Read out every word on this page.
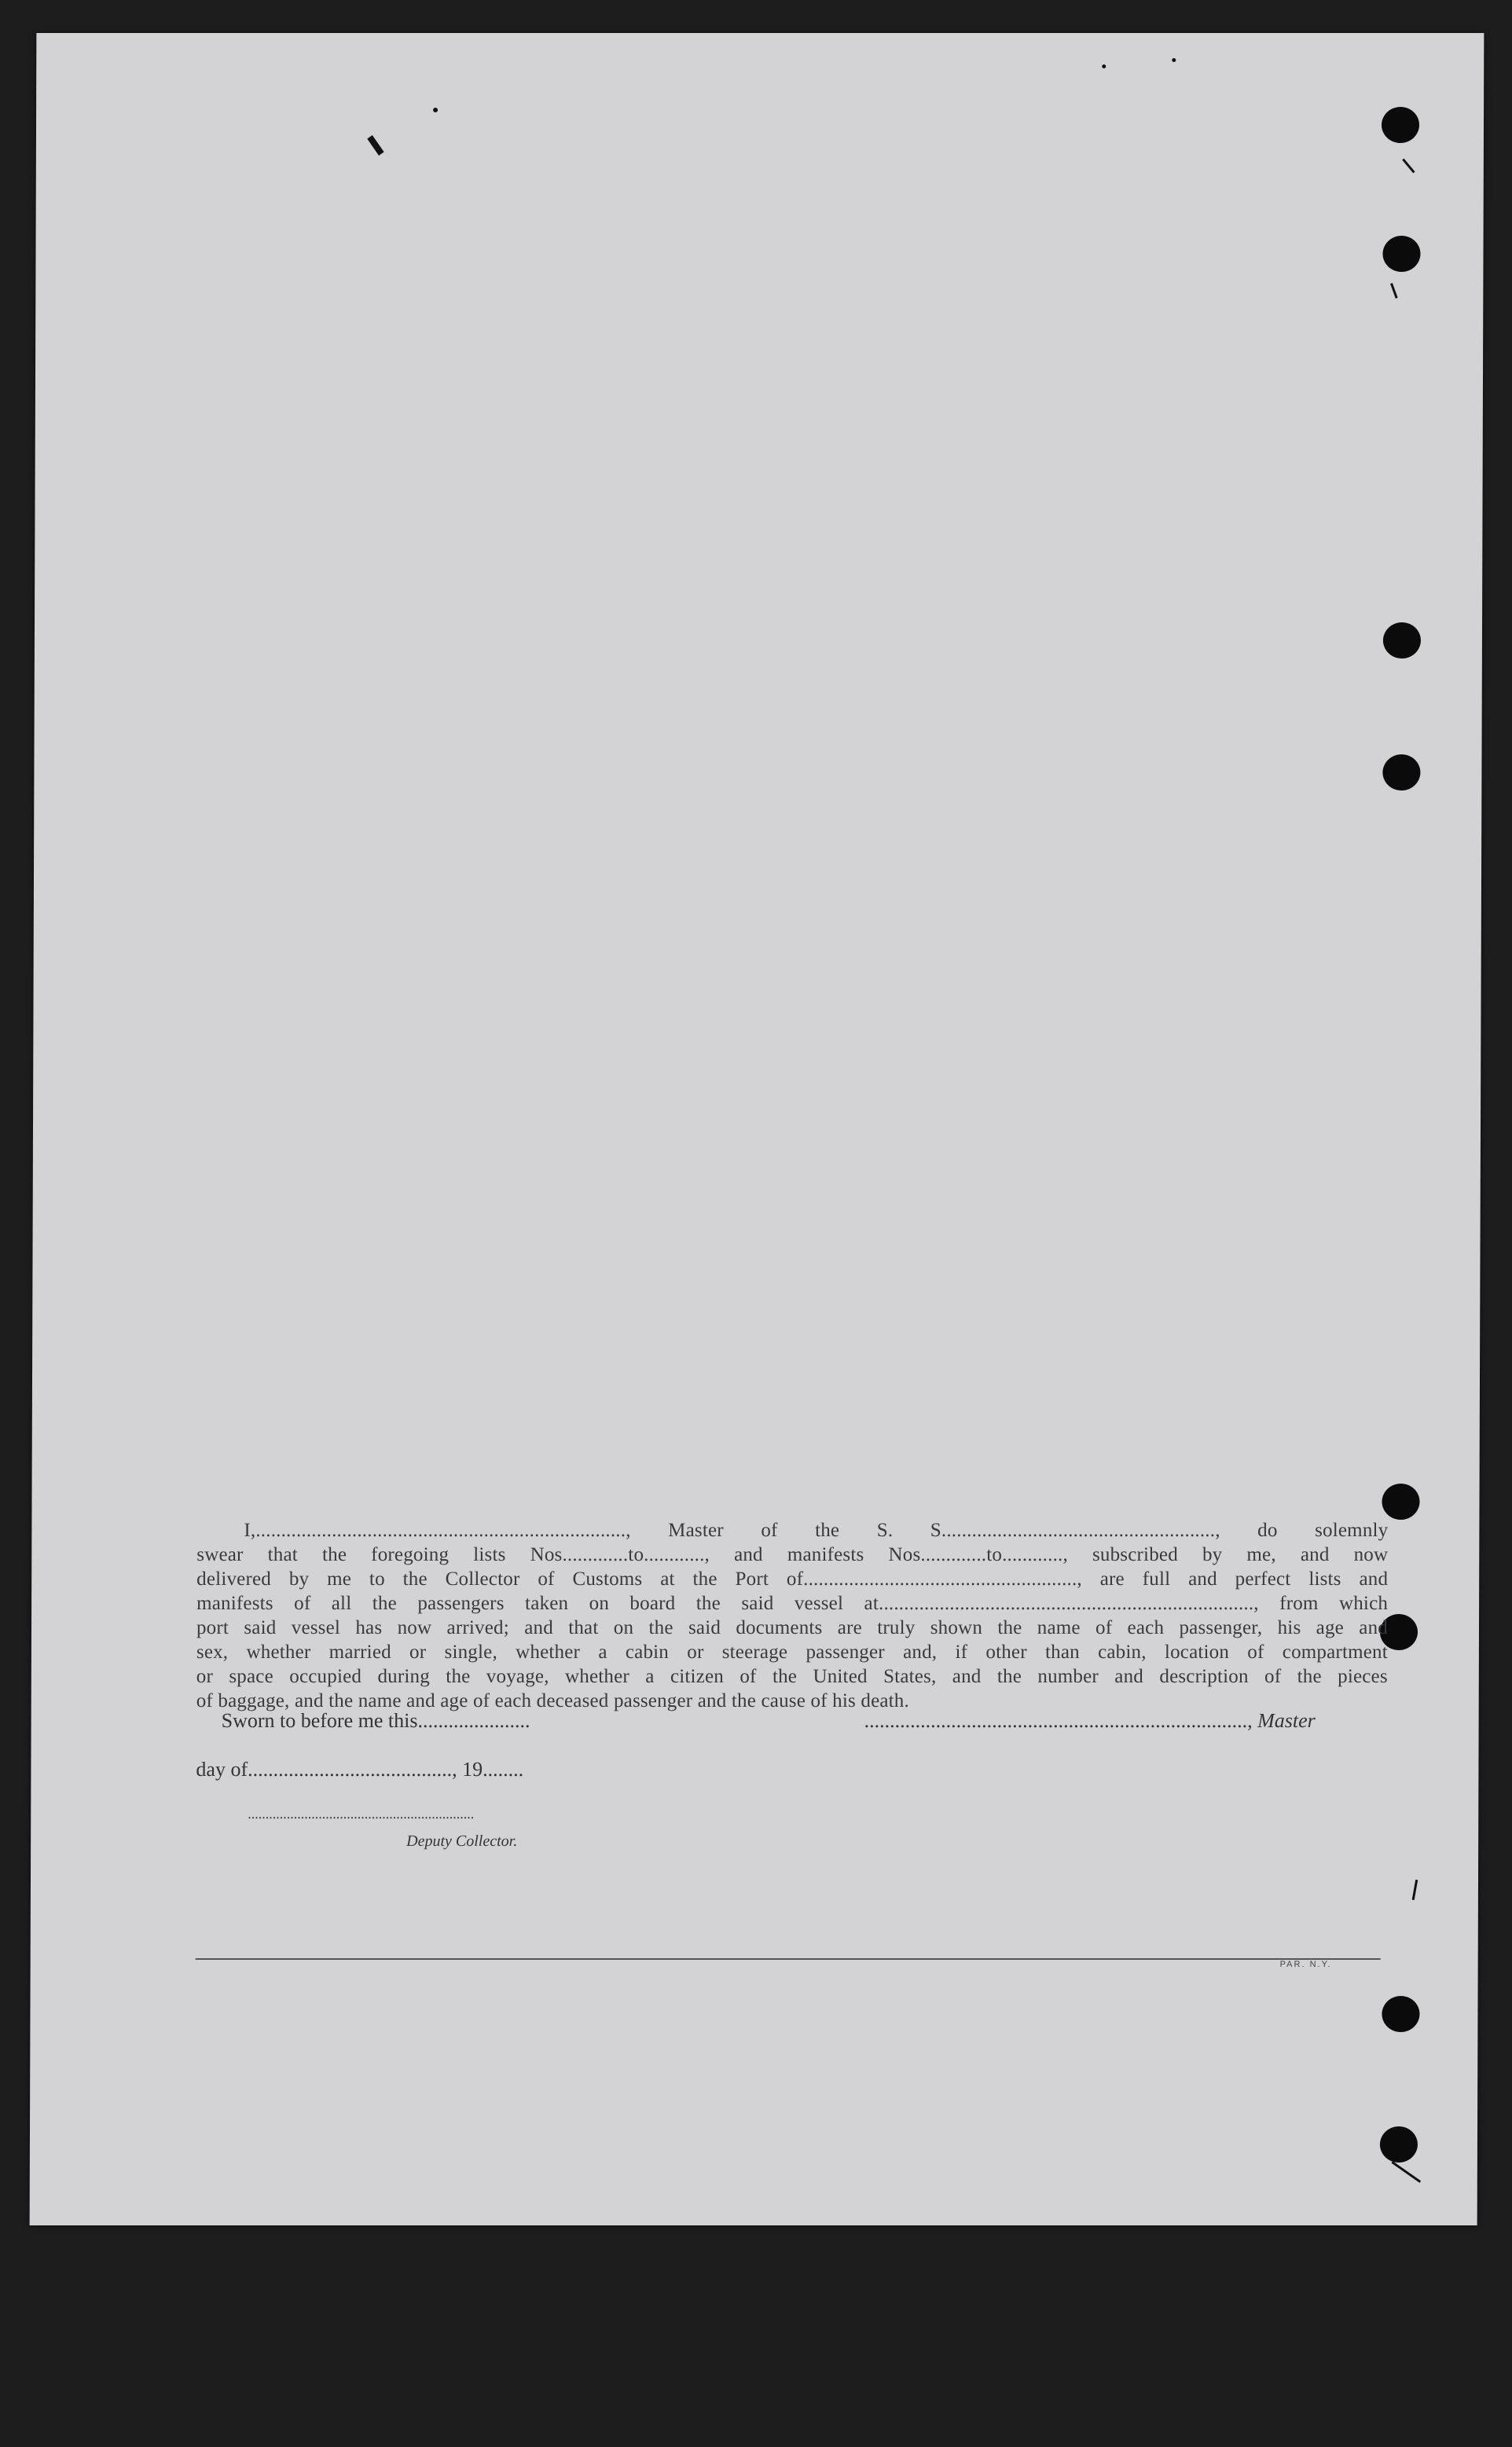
I,........................................................................., Master of the S. S......................................................, do solemnly
swear that the foregoing lists Nos.............to............, and manifests Nos.............to............, subscribed by me, and now
delivered by me to the Collector of Customs at the Port of......................................................, are full and perfect lists and
manifests of all the passengers taken on board the said vessel at.........................................................................., from which
port said vessel has now arrived; and that on the said documents are truly shown the name of each passenger, his age and
sex, whether married or single, whether a cabin or steerage passenger and, if other than cabin, location of compartment
or space occupied during the voyage, whether a citizen of the United States, and the number and description of the pieces
of baggage, and the name and age of each deceased passenger and the cause of his death.
Sworn to before me this......................	..........................................................................., Master
day of........................................, 19........
................................................................
Deputy Collector.
PAR. N.Y.
